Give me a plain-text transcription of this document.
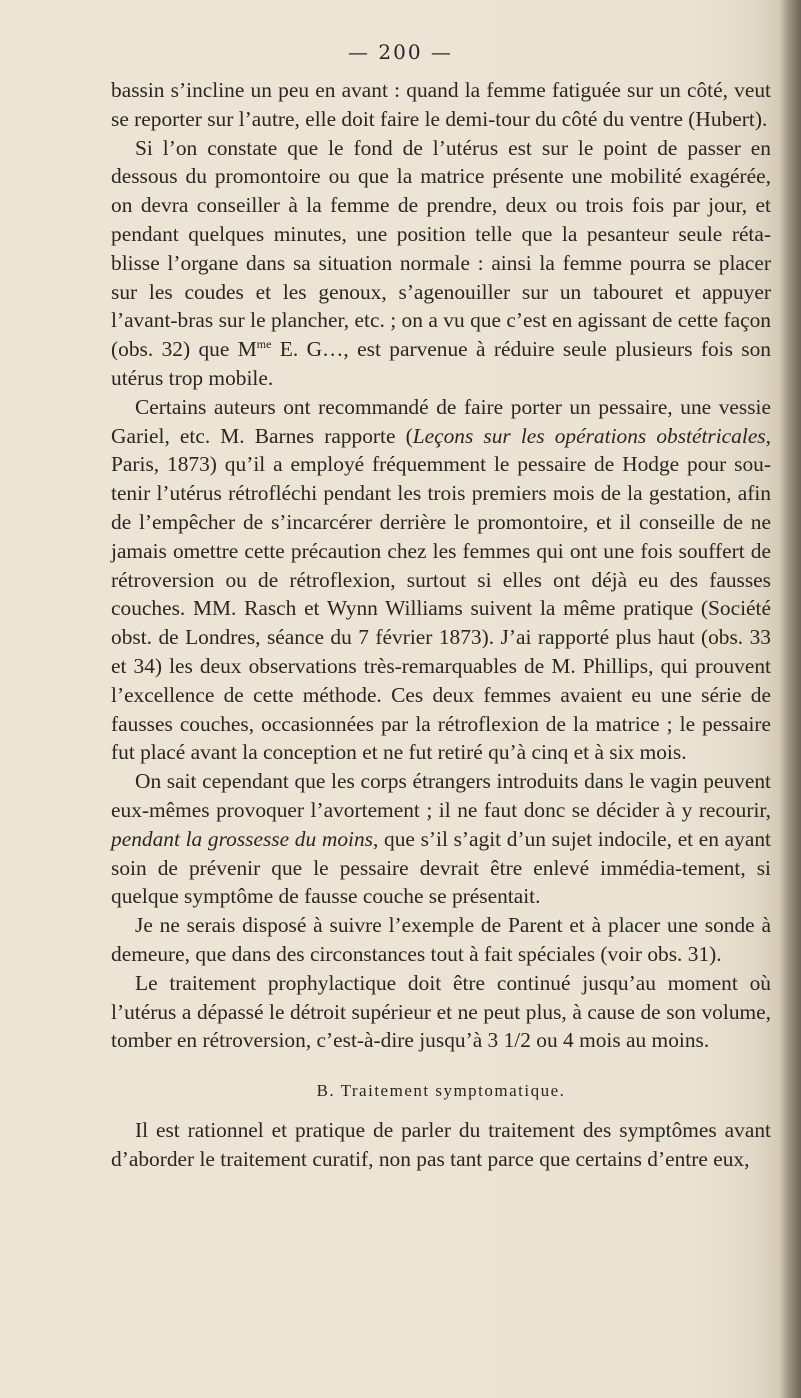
— 200 —

bassin s’incline un peu en avant : quand la femme fatiguée sur un côté, veut se reporter sur l’autre, elle doit faire le demi-tour du côté du ventre (Hubert).

Si l’on constate que le fond de l’utérus est sur le point de passer en dessous du promontoire ou que la matrice présente une mobilité exagérée, on devra conseiller à la femme de prendre, deux ou trois fois par jour, et pendant quelques minutes, une position telle que la pesanteur seule réta-blisse l’organe dans sa situation normale : ainsi la femme pourra se placer sur les coudes et les genoux, s’agenouiller sur un tabouret et appuyer l’avant-bras sur le plancher, etc. ; on a vu que c’est en agissant de cette façon (obs. 32) que $M^{me}$ E. G…, est parvenue à réduire seule plusieurs fois son utérus trop mobile.

Certains auteurs ont recommandé de faire porter un pessaire, une vessie Gariel, etc. M. Barnes rapporte (Leçons sur les opérations obstétricales, Paris, 1873) qu’il a employé fréquemment le pessaire de Hodge pour sou-tenir l’utérus rétrofléchi pendant les trois premiers mois de la gestation, afin de l’empêcher de s’incarcérer derrière le promontoire, et il conseille de ne jamais omettre cette précaution chez les femmes qui ont une fois souffert de rétroversion ou de rétroflexion, surtout si elles ont déjà eu des fausses couches. MM. Rasch et Wynn Williams suivent la même pratique (Société obst. de Londres, séance du 7 février 1873). J’ai rapporté plus haut (obs. 33 et 34) les deux observations très-remarquables de M. Phillips, qui prouvent l’excellence de cette méthode. Ces deux femmes avaient eu une série de fausses couches, occasionnées par la rétroflexion de la matrice ; le pessaire fut placé avant la conception et ne fut retiré qu’à cinq et à six mois.

On sait cependant que les corps étrangers introduits dans le vagin peuvent eux-mêmes provoquer l’avortement ; il ne faut donc se décider à y recourir, pendant la grossesse du moins, que s’il s’agit d’un sujet indocile, et en ayant soin de prévenir que le pessaire devrait être enlevé immédia-tement, si quelque symptôme de fausse couche se présentait.

Je ne serais disposé à suivre l’exemple de Parent et à placer une sonde à demeure, que dans des circonstances tout à fait spéciales (voir obs. 31).

Le traitement prophylactique doit être continué jusqu’au moment où l’utérus a dépassé le détroit supérieur et ne peut plus, à cause de son volume, tomber en rétroversion, c’est-à-dire jusqu’à 3 1/2 ou 4 mois au moins.

B. Traitement symptomatique.

Il est rationnel et pratique de parler du traitement des symptômes avant d’aborder le traitement curatif, non pas tant parce que certains d’entre eux,
